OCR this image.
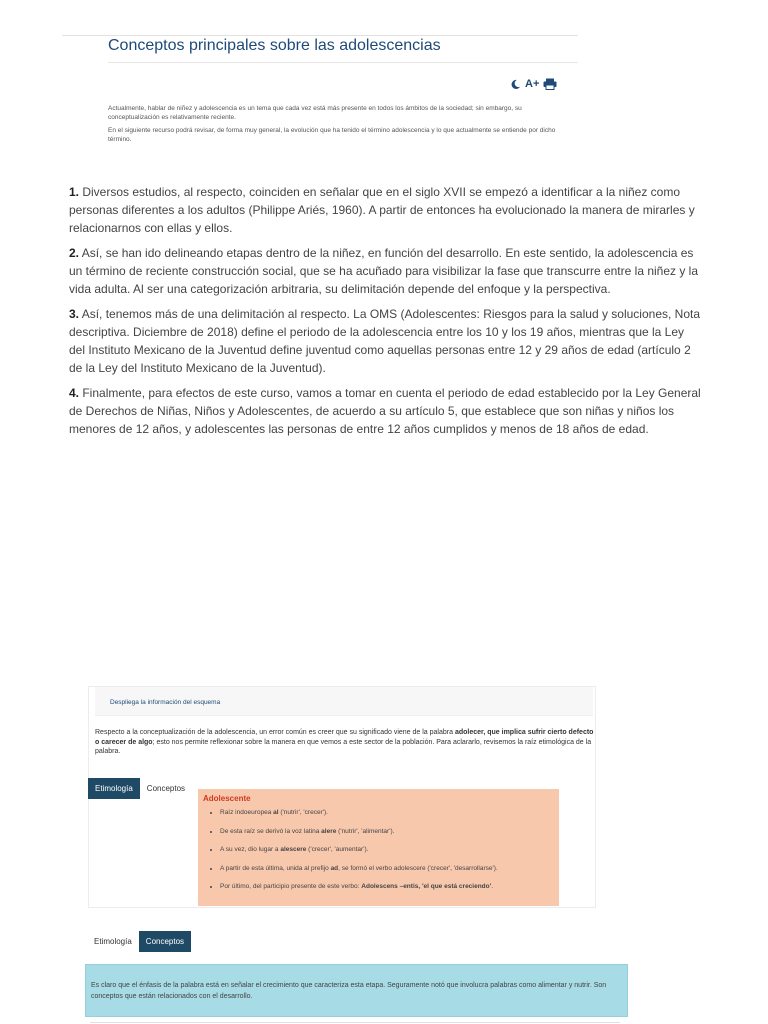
Conceptos principales sobre las adolescencias
A+

Actualmente, hablar de niñez y adolescencia es un tema que cada vez está más presente en todos los ámbitos de la sociedad; sin embargo, su conceptualización es relativamente reciente.

En el siguiente recurso podrá revisar, de forma muy general, la evolución que ha tenido el término adolescencia y lo que actualmente se entiende por dicho término.

1. Diversos estudios, al respecto, coinciden en señalar que en el siglo XVII se empezó a identificar a la niñez como personas diferentes a los adultos (Philippe Ariés, 1960). A partir de entonces ha evolucionado la manera de mirarles y relacionarnos con ellas y ellos.

2. Así, se han ido delineando etapas dentro de la niñez, en función del desarrollo. En este sentido, la adolescencia es un término de reciente construcción social, que se ha acuñado para visibilizar la fase que transcurre entre la niñez y la vida adulta. Al ser una categorización arbitraria, su delimitación depende del enfoque y la perspectiva.

3. Así, tenemos más de una delimitación al respecto. La OMS (Adolescentes: Riesgos para la salud y soluciones, Nota descriptiva. Diciembre de 2018) define el periodo de la adolescencia entre los 10 y los 19 años, mientras que la Ley del Instituto Mexicano de la Juventud define juventud como aquellas personas entre 12 y 29 años de edad (artículo 2 de la Ley del Instituto Mexicano de la Juventud).

4. Finalmente, para efectos de este curso, vamos a tomar en cuenta el periodo de edad establecido por la Ley General de Derechos de Niñas, Niños y Adolescentes, de acuerdo a su artículo 5, que establece que son niñas y niños los menores de 12 años, y adolescentes las personas de entre 12 años cumplidos y menos de 18 años de edad.

Despliega la información del esquema
Respecto a la conceptualización de la adolescencia, un error común es creer que su significado viene de la palabra adolecer, que implica sufrir cierto defecto o carecer de algo; esto nos permite reflexionar sobre la manera en que vemos a este sector de la población. Para aclararlo, revisemos la raíz etimológica de la palabra.
Etimología	Conceptos
Adolescente
• Raíz indoeuropea al ('nutrir', 'crecer').
• De esta raíz se derivó la voz latina alere ('nutrir', 'alimentar').
• A su vez, dio lugar a alescere ('crecer', 'aumentar').
• A partir de esta última, unida al prefijo ad, se formó el verbo adolescere ('crecer', 'desarrollarse').
• Por último, del participio presente de este verbo: Adolescens –entis, 'el que está creciendo'.
Etimología	Conceptos
Es claro que el énfasis de la palabra está en señalar el crecimiento que caracteriza esta etapa. Seguramente notó que involucra palabras como alimentar y nutrir. Son conceptos que están relacionados con el desarrollo.
